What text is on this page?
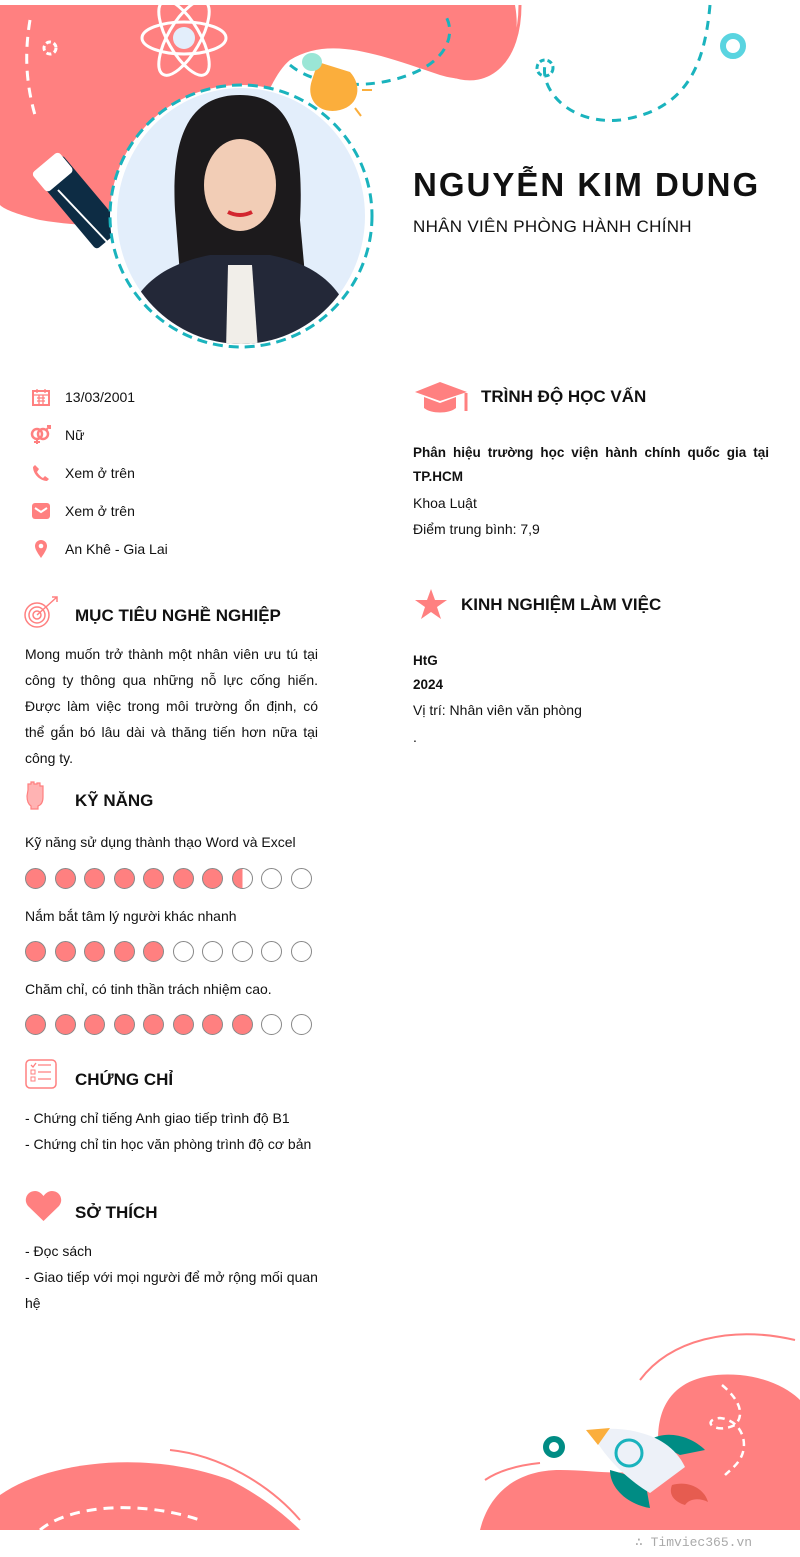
NGUYỄN KIM DUNG
NHÂN VIÊN PHÒNG HÀNH CHÍNH
13/03/2001
Nữ
Xem ở trên
Xem ở trên
An Khê - Gia Lai
MỤC TIÊU NGHỀ NGHIỆP
Mong muốn trở thành một nhân viên ưu tú tại công ty thông qua những nỗ lực cống hiến. Được làm việc trong môi trường ổn định, có thể gắn bó lâu dài và thăng tiến hơn nữa tại công ty.
KỸ NĂNG
Kỹ năng sử dụng thành thạo Word và Excel
Nắm bắt tâm lý người khác nhanh
Chăm chỉ, có tinh thần trách nhiệm cao.
CHỨNG CHỈ
- Chứng chỉ tiếng Anh giao tiếp trình độ B1
- Chứng chỉ tin học văn phòng trình độ cơ bản
SỞ THÍCH
- Đọc sách
- Giao tiếp với mọi người để mở rộng mối quan hệ
TRÌNH ĐỘ HỌC VẤN
Phân hiệu trường học viện hành chính quốc gia tại TP.HCM
Khoa Luật
Điểm trung bình: 7,9
KINH NGHIỆM LÀM VIỆC
HtG
2024
Vị trí: Nhân viên văn phòng
.
∴ Timviec365.vn
